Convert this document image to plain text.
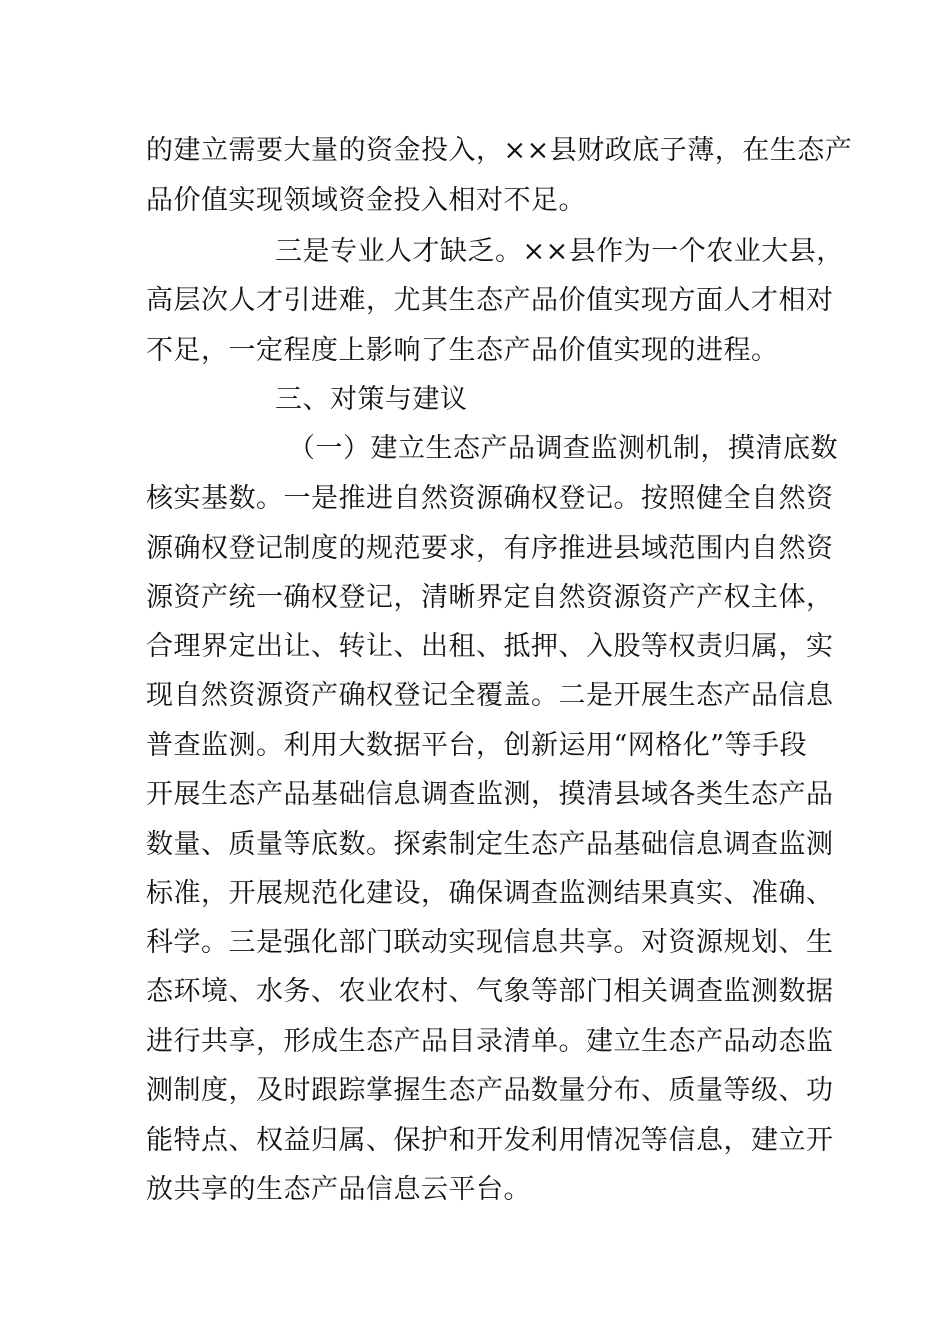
的建立需要大量的资金投入，××县财政底子薄，在生态产
品价值实现领域资金投入相对不足。
三是专业人才缺乏。××县作为一个农业大县，
高层次人才引进难，尤其生态产品价值实现方面人才相对
不足，一定程度上影响了生态产品价值实现的进程。
三、对策与建议
（一）建立生态产品调查监测机制，摸清底数
核实基数。一是推进自然资源确权登记。按照健全自然资
源确权登记制度的规范要求，有序推进县域范围内自然资
源资产统一确权登记，清晰界定自然资源资产产权主体，
合理界定出让、转让、出租、抵押、入股等权责归属，实
现自然资源资产确权登记全覆盖。二是开展生态产品信息
普查监测。利用大数据平台，创新运用“网格化”等手段
开展生态产品基础信息调查监测，摸清县域各类生态产品
数量、质量等底数。探索制定生态产品基础信息调查监测
标准，开展规范化建设，确保调查监测结果真实、准确、
科学。三是强化部门联动实现信息共享。对资源规划、生
态环境、水务、农业农村、气象等部门相关调查监测数据
进行共享，形成生态产品目录清单。建立生态产品动态监
测制度，及时跟踪掌握生态产品数量分布、质量等级、功
能特点、权益归属、保护和开发利用情况等信息，建立开
放共享的生态产品信息云平台。
